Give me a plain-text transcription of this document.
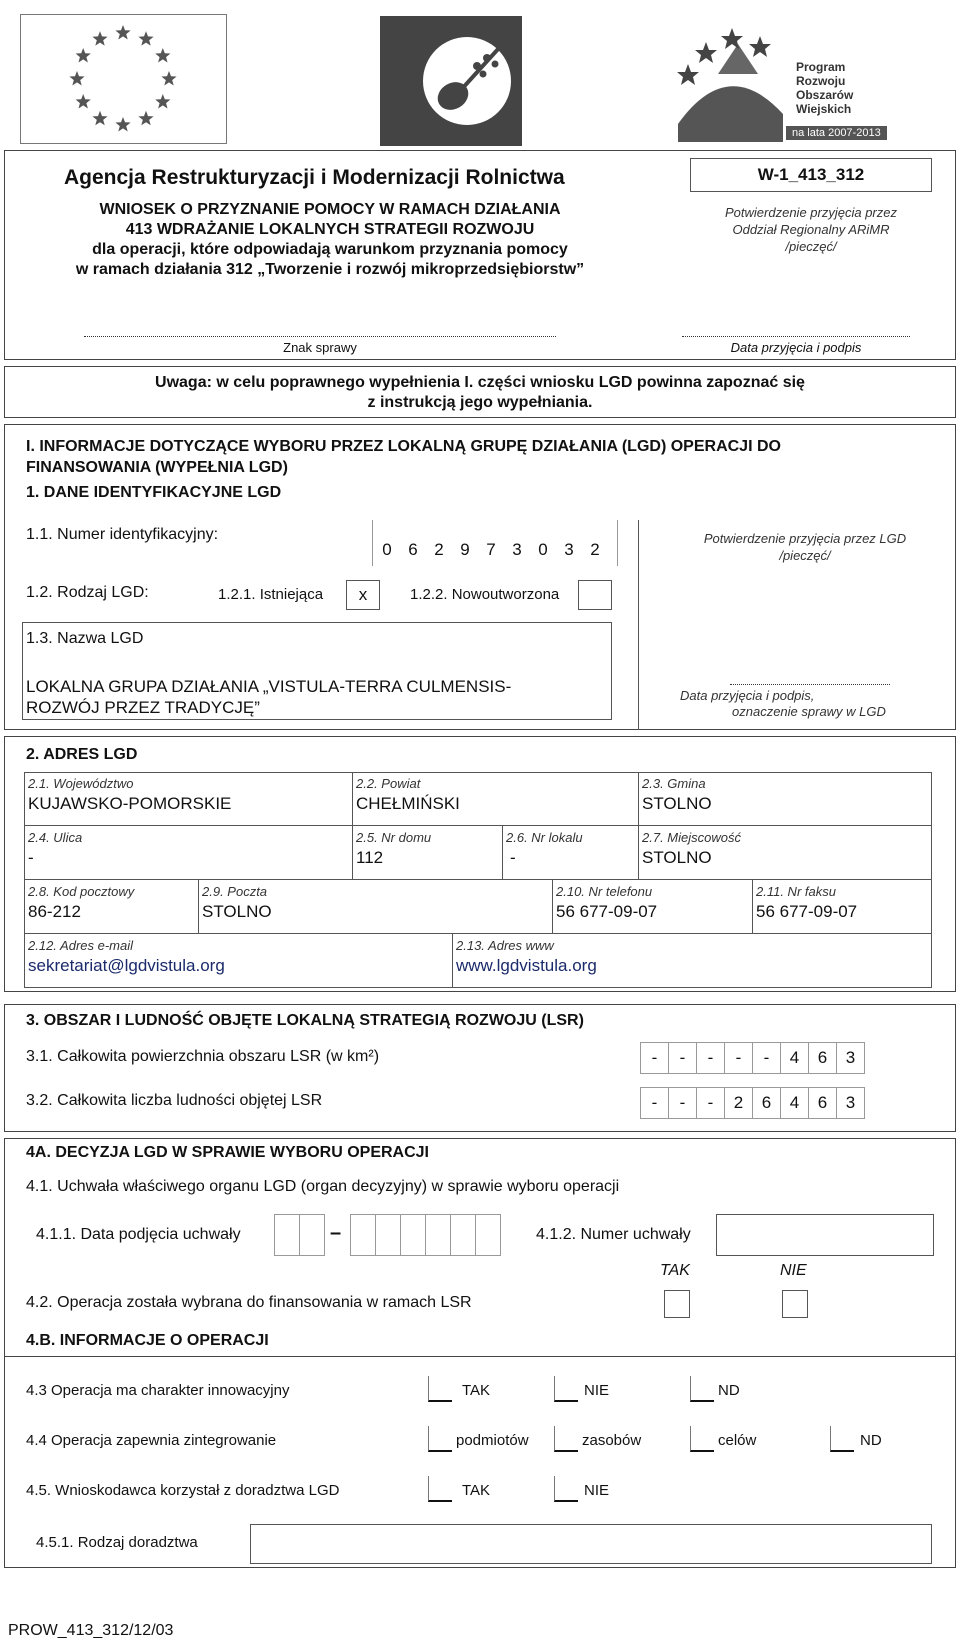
LEADER	Program
Rozwoju
Obszarów
Wiejskich
na lata 2007-2013
Agencja Restrukturyzacji i Modernizacji Rolnictwa
WNIOSEK O PRZYZNANIE POMOCY W RAMACH DZIAŁANIA
413 WDRAŻANIE LOKALNYCH STRATEGII ROZWOJU
dla operacji, które odpowiadają warunkom przyznania pomocy
w ramach działania 312 „Tworzenie i rozwój mikroprzedsiębiorstw”
W-1_413_312
Potwierdzenie przyjęcia przez
Oddział Regionalny ARiMR
/pieczęć/
Znak sprawy	Data przyjęcia i podpis
Uwaga: w celu poprawnego wypełnienia I. części wniosku LGD powinna zapoznać się
z instrukcją jego wypełniania.
I. INFORMACJE DOTYCZĄCE WYBORU PRZEZ LOKALNĄ GRUPĘ DZIAŁANIA (LGD) OPERACJI DO
FINANSOWANIA (WYPEŁNIA LGD)
1. DANE IDENTYFIKACYJNE LGD
1.1. Numer identyfikacyjny:
0 6 2 9 7 3 0 3 2
Potwierdzenie przyjęcia przez LGD
/pieczęć/
1.2. Rodzaj LGD:	1.2.1. Istniejąca	x	1.2.2. Nowoutworzona
1.3. Nazwa LGD
LOKALNA GRUPA DZIAŁANIA „VISTULA-TERRA CULMENSIS-
ROZWÓJ PRZEZ TRADYCJĘ”
Data przyjęcia i podpis,
oznaczenie sprawy w LGD
2. ADRES LGD
2.1. Województwo
KUJAWSKO-POMORSKIE
2.2. Powiat
CHEŁMIŃSKI
2.3. Gmina
STOLNO
2.4. Ulica
-
2.5. Nr domu
112
2.6. Nr lokalu
-
2.7. Miejscowość
STOLNO
2.8. Kod pocztowy
86-212
2.9. Poczta
STOLNO
2.10. Nr telefonu
56 677-09-07
2.11. Nr faksu
56 677-09-07
2.12. Adres e-mail
sekretariat@lgdvistula.org
2.13. Adres www
www.lgdvistula.org
3. OBSZAR I LUDNOŚĆ OBJĘTE LOKALNĄ STRATEGIĄ ROZWOJU (LSR)
3.1. Całkowita powierzchnia obszaru LSR (w km²)	-	-	-	-	-	4	6	3
3.2. Całkowita liczba ludności objętej LSR	-	-	-	2	6	4	6	3
4A. DECYZJA LGD W SPRAWIE WYBORU OPERACJI
4.1. Uchwała właściwego organu LGD (organ decyzyjny) w sprawie wyboru operacji
4.1.1. Data podjęcia uchwały	–	4.1.2. Numer uchwały
TAK	NIE
4.2. Operacja została wybrana do finansowania w ramach LSR
4.B. INFORMACJE O OPERACJI
4.3 Operacja ma charakter innowacyjny	TAK	NIE	ND
4.4 Operacja zapewnia zintegrowanie	podmiotów	zasobów	celów	ND
4.5. Wnioskodawca korzystał z doradztwa LGD	TAK	NIE
4.5.1. Rodzaj doradztwa
PROW_413_312/12/03
